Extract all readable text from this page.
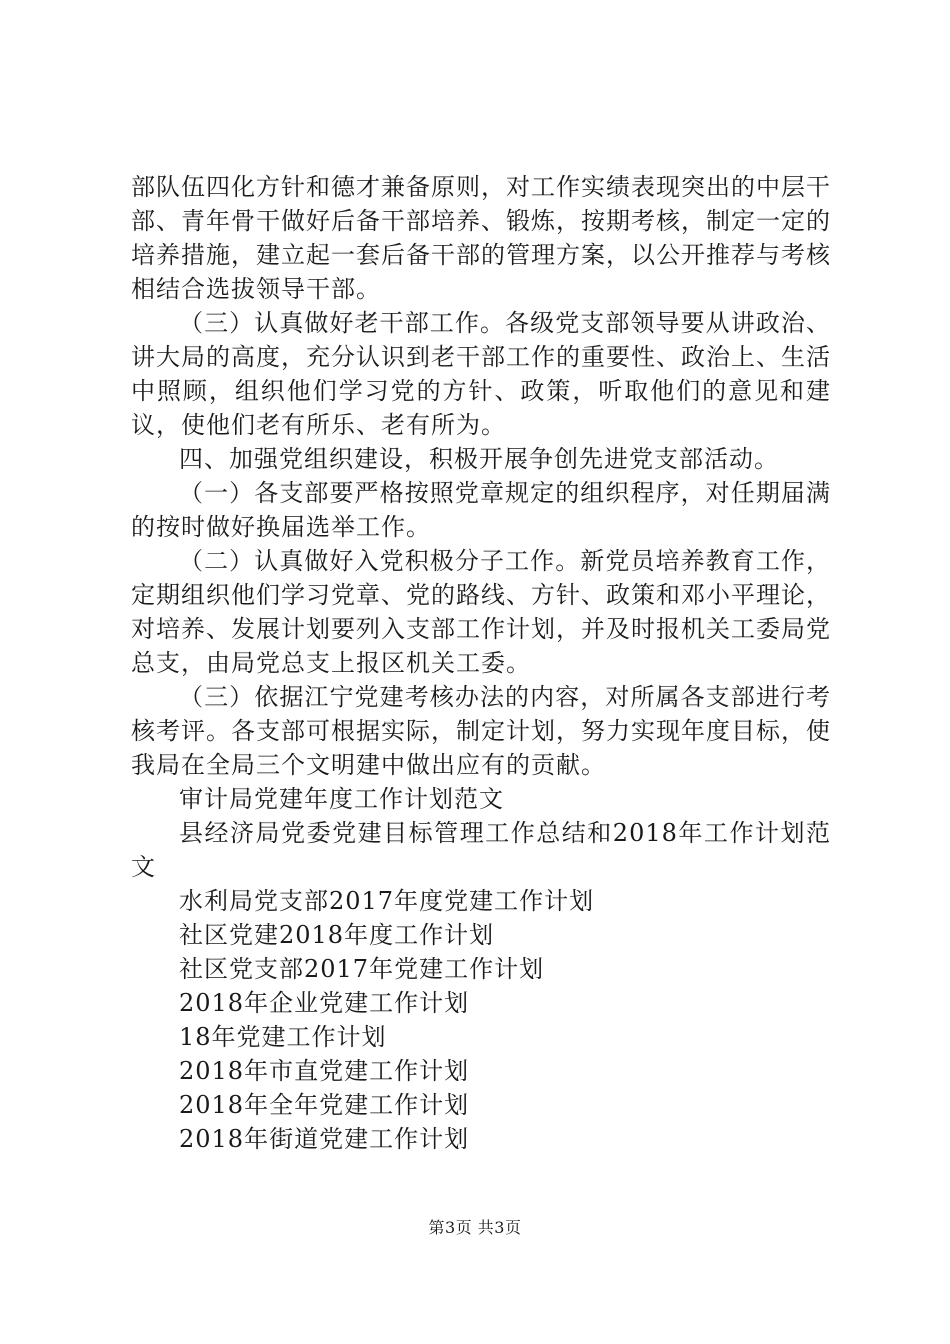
部队伍四化方针和德才兼备原则，对工作实绩表现突出的中层干部、青年骨干做好后备干部培养、锻炼，按期考核，制定一定的培养措施，建立起一套后备干部的管理方案，以公开推荐与考核相结合选拔领导干部。

（三）认真做好老干部工作。各级党支部领导要从讲政治、讲大局的高度，充分认识到老干部工作的重要性、政治上、生活中照顾，组织他们学习党的方针、政策，听取他们的意见和建议，使他们老有所乐、老有所为。

四、加强党组织建设，积极开展争创先进党支部活动。

（一）各支部要严格按照党章规定的组织程序，对任期届满的按时做好换届选举工作。

（二）认真做好入党积极分子工作。新党员培养教育工作，定期组织他们学习党章、党的路线、方针、政策和邓小平理论，对培养、发展计划要列入支部工作计划，并及时报机关工委局党总支，由局党总支上报区机关工委。

（三）依据江宁党建考核办法的内容，对所属各支部进行考核考评。各支部可根据实际，制定计划，努力实现年度目标，使我局在全局三个文明建中做出应有的贡献。

审计局党建年度工作计划范文

县经济局党委党建目标管理工作总结和2018年工作计划范文

水利局党支部2017年度党建工作计划
社区党建2018年度工作计划
社区党支部2017年党建工作计划
2018年企业党建工作计划
18年党建工作计划
2018年市直党建工作计划
2018年全年党建工作计划
2018年街道党建工作计划
第3页 共3页
